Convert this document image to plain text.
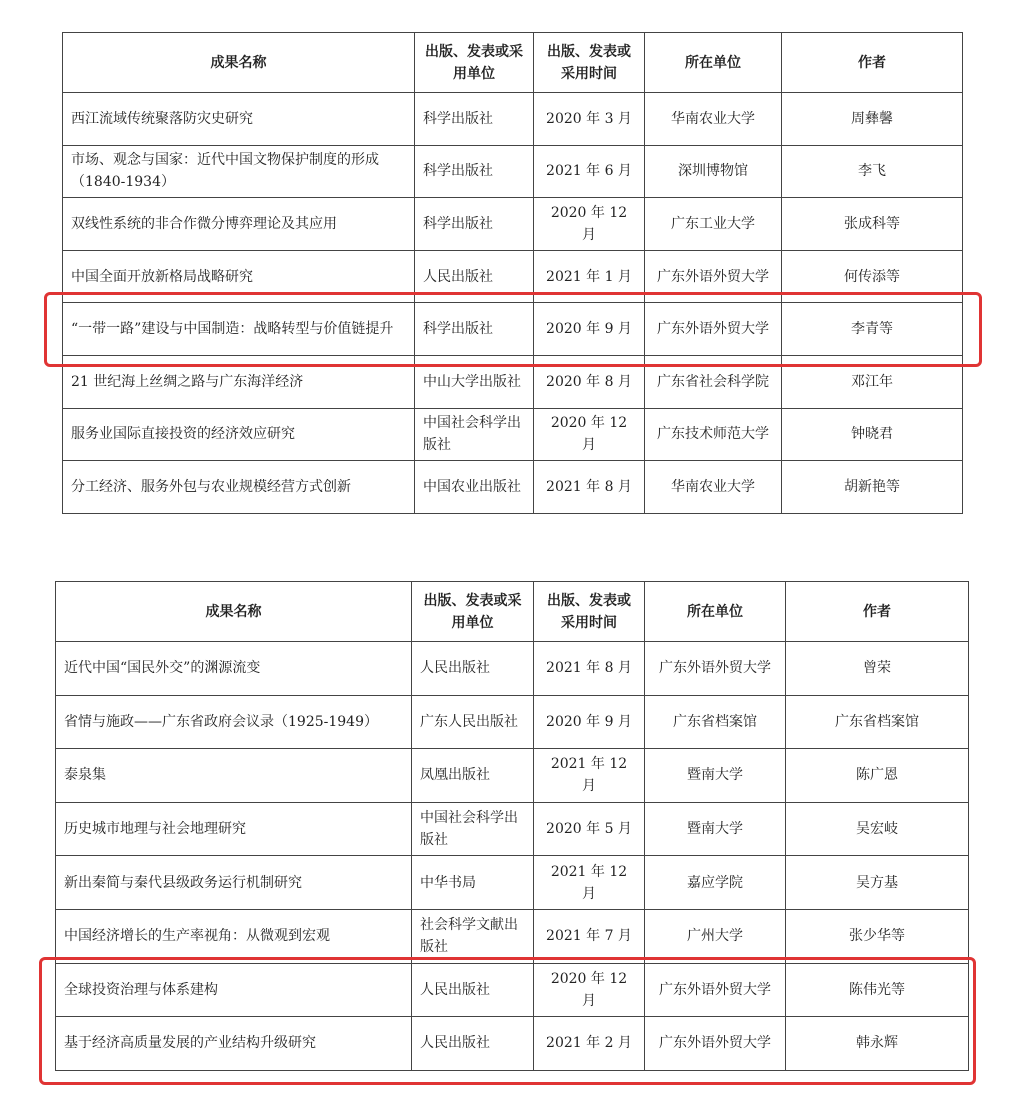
成果名称	出版、发表或采用单位	出版、发表或采用时间	所在单位	作者
西江流域传统聚落防灾史研究	科学出版社	2020 年 3 月	华南农业大学	周彝馨
市场、观念与国家：近代中国文物保护制度的形成（1840-1934）	科学出版社	2021 年 6 月	深圳博物馆	李飞
双线性系统的非合作微分博弈理论及其应用	科学出版社	2020 年 12 月	广东工业大学	张成科等
中国全面开放新格局战略研究	人民出版社	2021 年 1 月	广东外语外贸大学	何传添等
“一带一路”建设与中国制造：战略转型与价值链提升	科学出版社	2020 年 9 月	广东外语外贸大学	李青等
21 世纪海上丝绸之路与广东海洋经济	中山大学出版社	2020 年 8 月	广东省社会科学院	邓江年
服务业国际直接投资的经济效应研究	中国社会科学出版社	2020 年 12 月	广东技术师范大学	钟晓君
分工经济、服务外包与农业规模经营方式创新	中国农业出版社	2021 年 8 月	华南农业大学	胡新艳等
成果名称	出版、发表或采用单位	出版、发表或采用时间	所在单位	作者
近代中国“国民外交”的渊源流变	人民出版社	2021 年 8 月	广东外语外贸大学	曾荣
省情与施政——广东省政府会议录（1925-1949）	广东人民出版社	2020 年 9 月	广东省档案馆	广东省档案馆
泰泉集	凤凰出版社	2021 年 12 月	暨南大学	陈广恩
历史城市地理与社会地理研究	中国社会科学出版社	2020 年 5 月	暨南大学	吴宏岐
新出秦简与秦代县级政务运行机制研究	中华书局	2021 年 12 月	嘉应学院	吴方基
中国经济增长的生产率视角：从微观到宏观	社会科学文献出版社	2021 年 7 月	广州大学	张少华等
全球投资治理与体系建构	人民出版社	2020 年 12 月	广东外语外贸大学	陈伟光等
基于经济高质量发展的产业结构升级研究	人民出版社	2021 年 2 月	广东外语外贸大学	韩永辉
